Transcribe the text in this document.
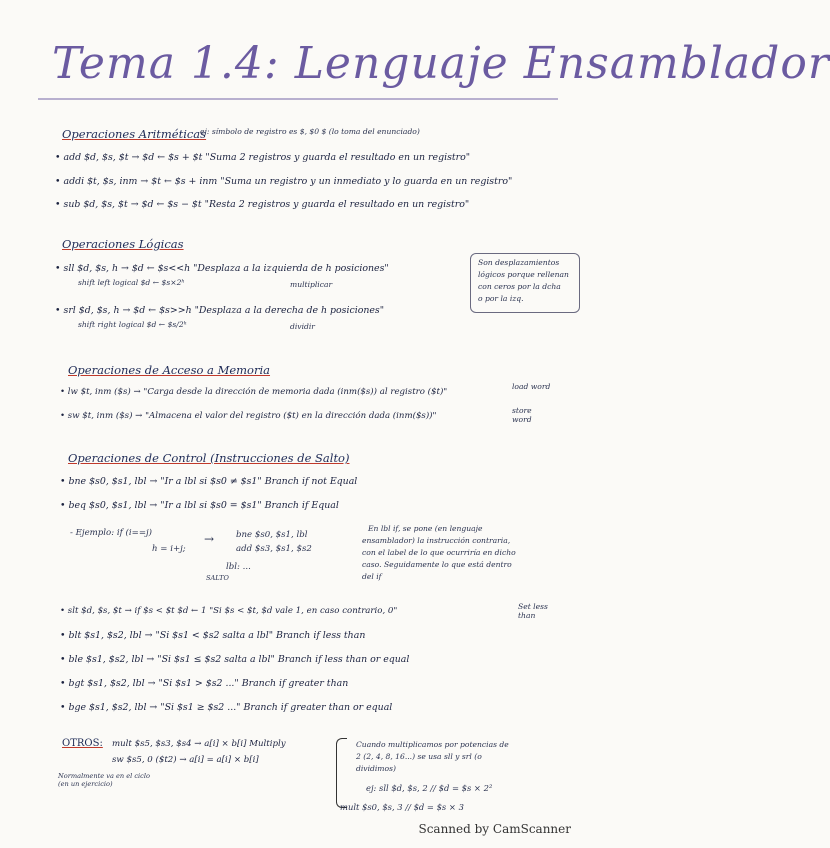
Tema 1.4: Lenguaje Ensamblador
Operaciones Aritméticas
ej: símbolo de registro es $, $0 $ (lo toma del enunciado)
• add $d, $s, $t → $d ← $s + $t "Suma 2 registros y guarda el resultado en un registro"
• addi $t, $s, inm → $t ← $s + inm "Suma un registro y un inmediato y lo guarda en un registro"
• sub $d, $s, $t → $d ← $s − $t "Resta 2 registros y guarda el resultado en un registro"
Operaciones Lógicas
• sll $d, $s, h → $d ← $s<<h "Desplaza a la izquierda de h posiciones"
shift left logical $d ← $s×2ʰ	multiplicar
• srl $d, $s, h → $d ← $s>>h "Desplaza a la derecha de h posiciones"
shift right logical $d ← $s/2ʰ	dividir
Son desplazamientos
lógicos porque rellenan
con ceros por la dcha
o por la izq.
Operaciones de Acceso a Memoria
• lw $t, inm ($s) → "Carga desde la dirección de memoria dada (inm($s)) al registro ($t)"
load word
• sw $t, inm ($s) → "Almacena el valor del registro ($t) en la dirección dada (inm($s))"
store word
Operaciones de Control (Instrucciones de Salto)
• bne $s0, $s1, lbl → "Ir a lbl si $s0 ≠ $s1" Branch if not Equal
• beq $s0, $s1, lbl → "Ir a lbl si $s0 = $s1" Branch if Equal
- Ejemplo: if (i==j)
h = i+j;
bne $s0, $s1, lbl
add $s3, $s1, $s2
lbl: ...
SALTO
→
En lbl if, se pone (en lenguaje
ensamblador) la instrucción contraria,
con el label de lo que ocurriría en dicho
caso. Seguidamente lo que está dentro
del if
• slt $d, $s, $t → if $s < $t $d ← 1 "Si $s < $t, $d vale 1, en caso contrario, 0"	Set less than
• blt $s1, $s2, lbl → "Si $s1 < $s2 salta a lbl" Branch if less than
• ble $s1, $s2, lbl → "Si $s1 ≤ $s2 salta a lbl" Branch if less than or equal
• bgt $s1, $s2, lbl → "Si $s1 > $s2 ..." Branch if greater than
• bge $s1, $s2, lbl → "Si $s1 ≥ $s2 ..." Branch if greater than or equal
OTROS: mult $s5, $s3, $s4 → a[i] × b[i] Multiply
sw $s5, 0 ($t2) → a[i] = a[i] × b[i]
Normalmente va en el ciclo (en un ejercicio)
Cuando multiplicamos por potencias de
2 (2, 4, 8, 16...) se usa sll y srl (o
dividimos)
ej: sll $d, $s, 2 // $d = $s × 2²
mult $s0, $s, 3 // $d = $s × 3
Scanned by CamScanner
